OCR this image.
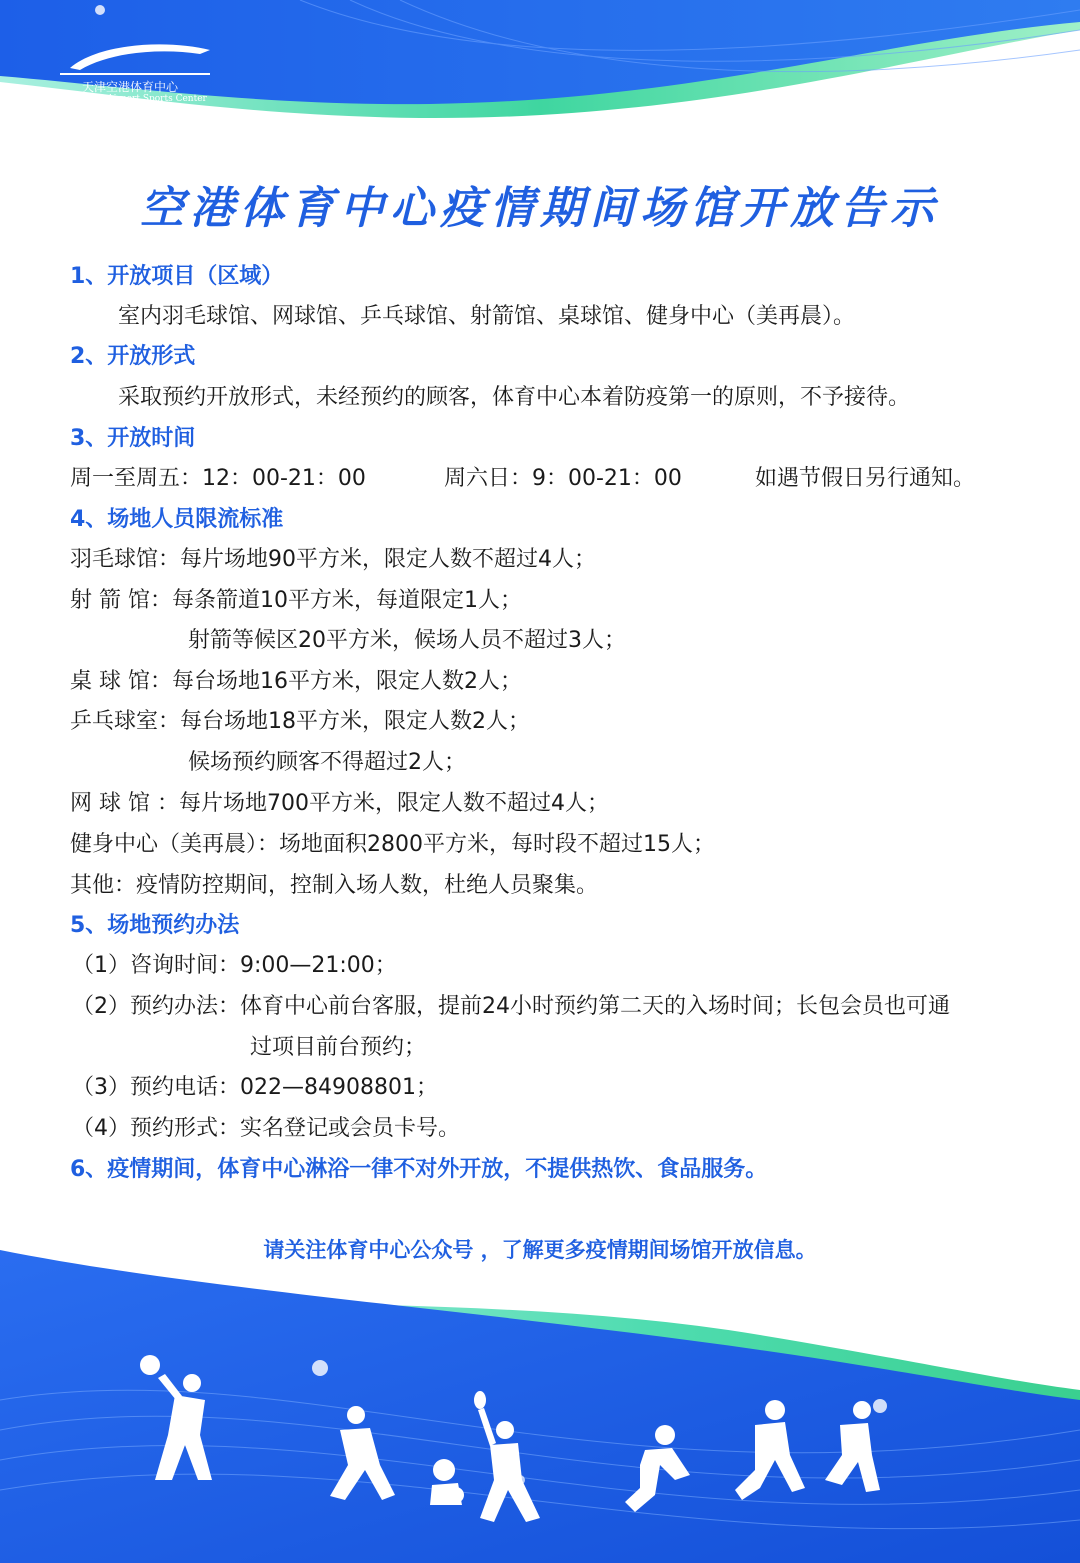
天津空港体育中心
TianJin Airport Sports Center
空港体育中心疫情期间场馆开放告示
1、开放项目（区域）
室内羽毛球馆、网球馆、乒乓球馆、射箭馆、桌球馆、健身中心（美再晨）。
2、开放形式
采取预约开放形式，未经预约的顾客，体育中心本着防疫第一的原则，不予接待。
3、开放时间
周一至周五：12：00-21：00	周六日：9：00-21：00	如遇节假日另行通知。
4、场地人员限流标准
羽毛球馆：每片场地90平方米，限定人数不超过4人；
射 箭 馆：每条箭道10平方米，每道限定1人；
射箭等候区20平方米，候场人员不超过3人；
桌 球 馆：每台场地16平方米，限定人数2人；
乒乓球室：每台场地18平方米，限定人数2人；
候场预约顾客不得超过2人；
网 球 馆 ：每片场地700平方米，限定人数不超过4人；
健身中心（美再晨）：场地面积2800平方米，每时段不超过15人；
其他：疫情防控期间，控制入场人数，杜绝人员聚集。
5、场地预约办法
（1）咨询时间：9:00—21:00；
（2）预约办法：体育中心前台客服，提前24小时预约第二天的入场时间；长包会员也可通
过项目前台预约；
（3）预约电话：022—84908801；
（4）预约形式：实名登记或会员卡号。
6、疫情期间，体育中心淋浴一律不对外开放，不提供热饮、食品服务。
请关注体育中心公众号 ，了解更多疫情期间场馆开放信息。
